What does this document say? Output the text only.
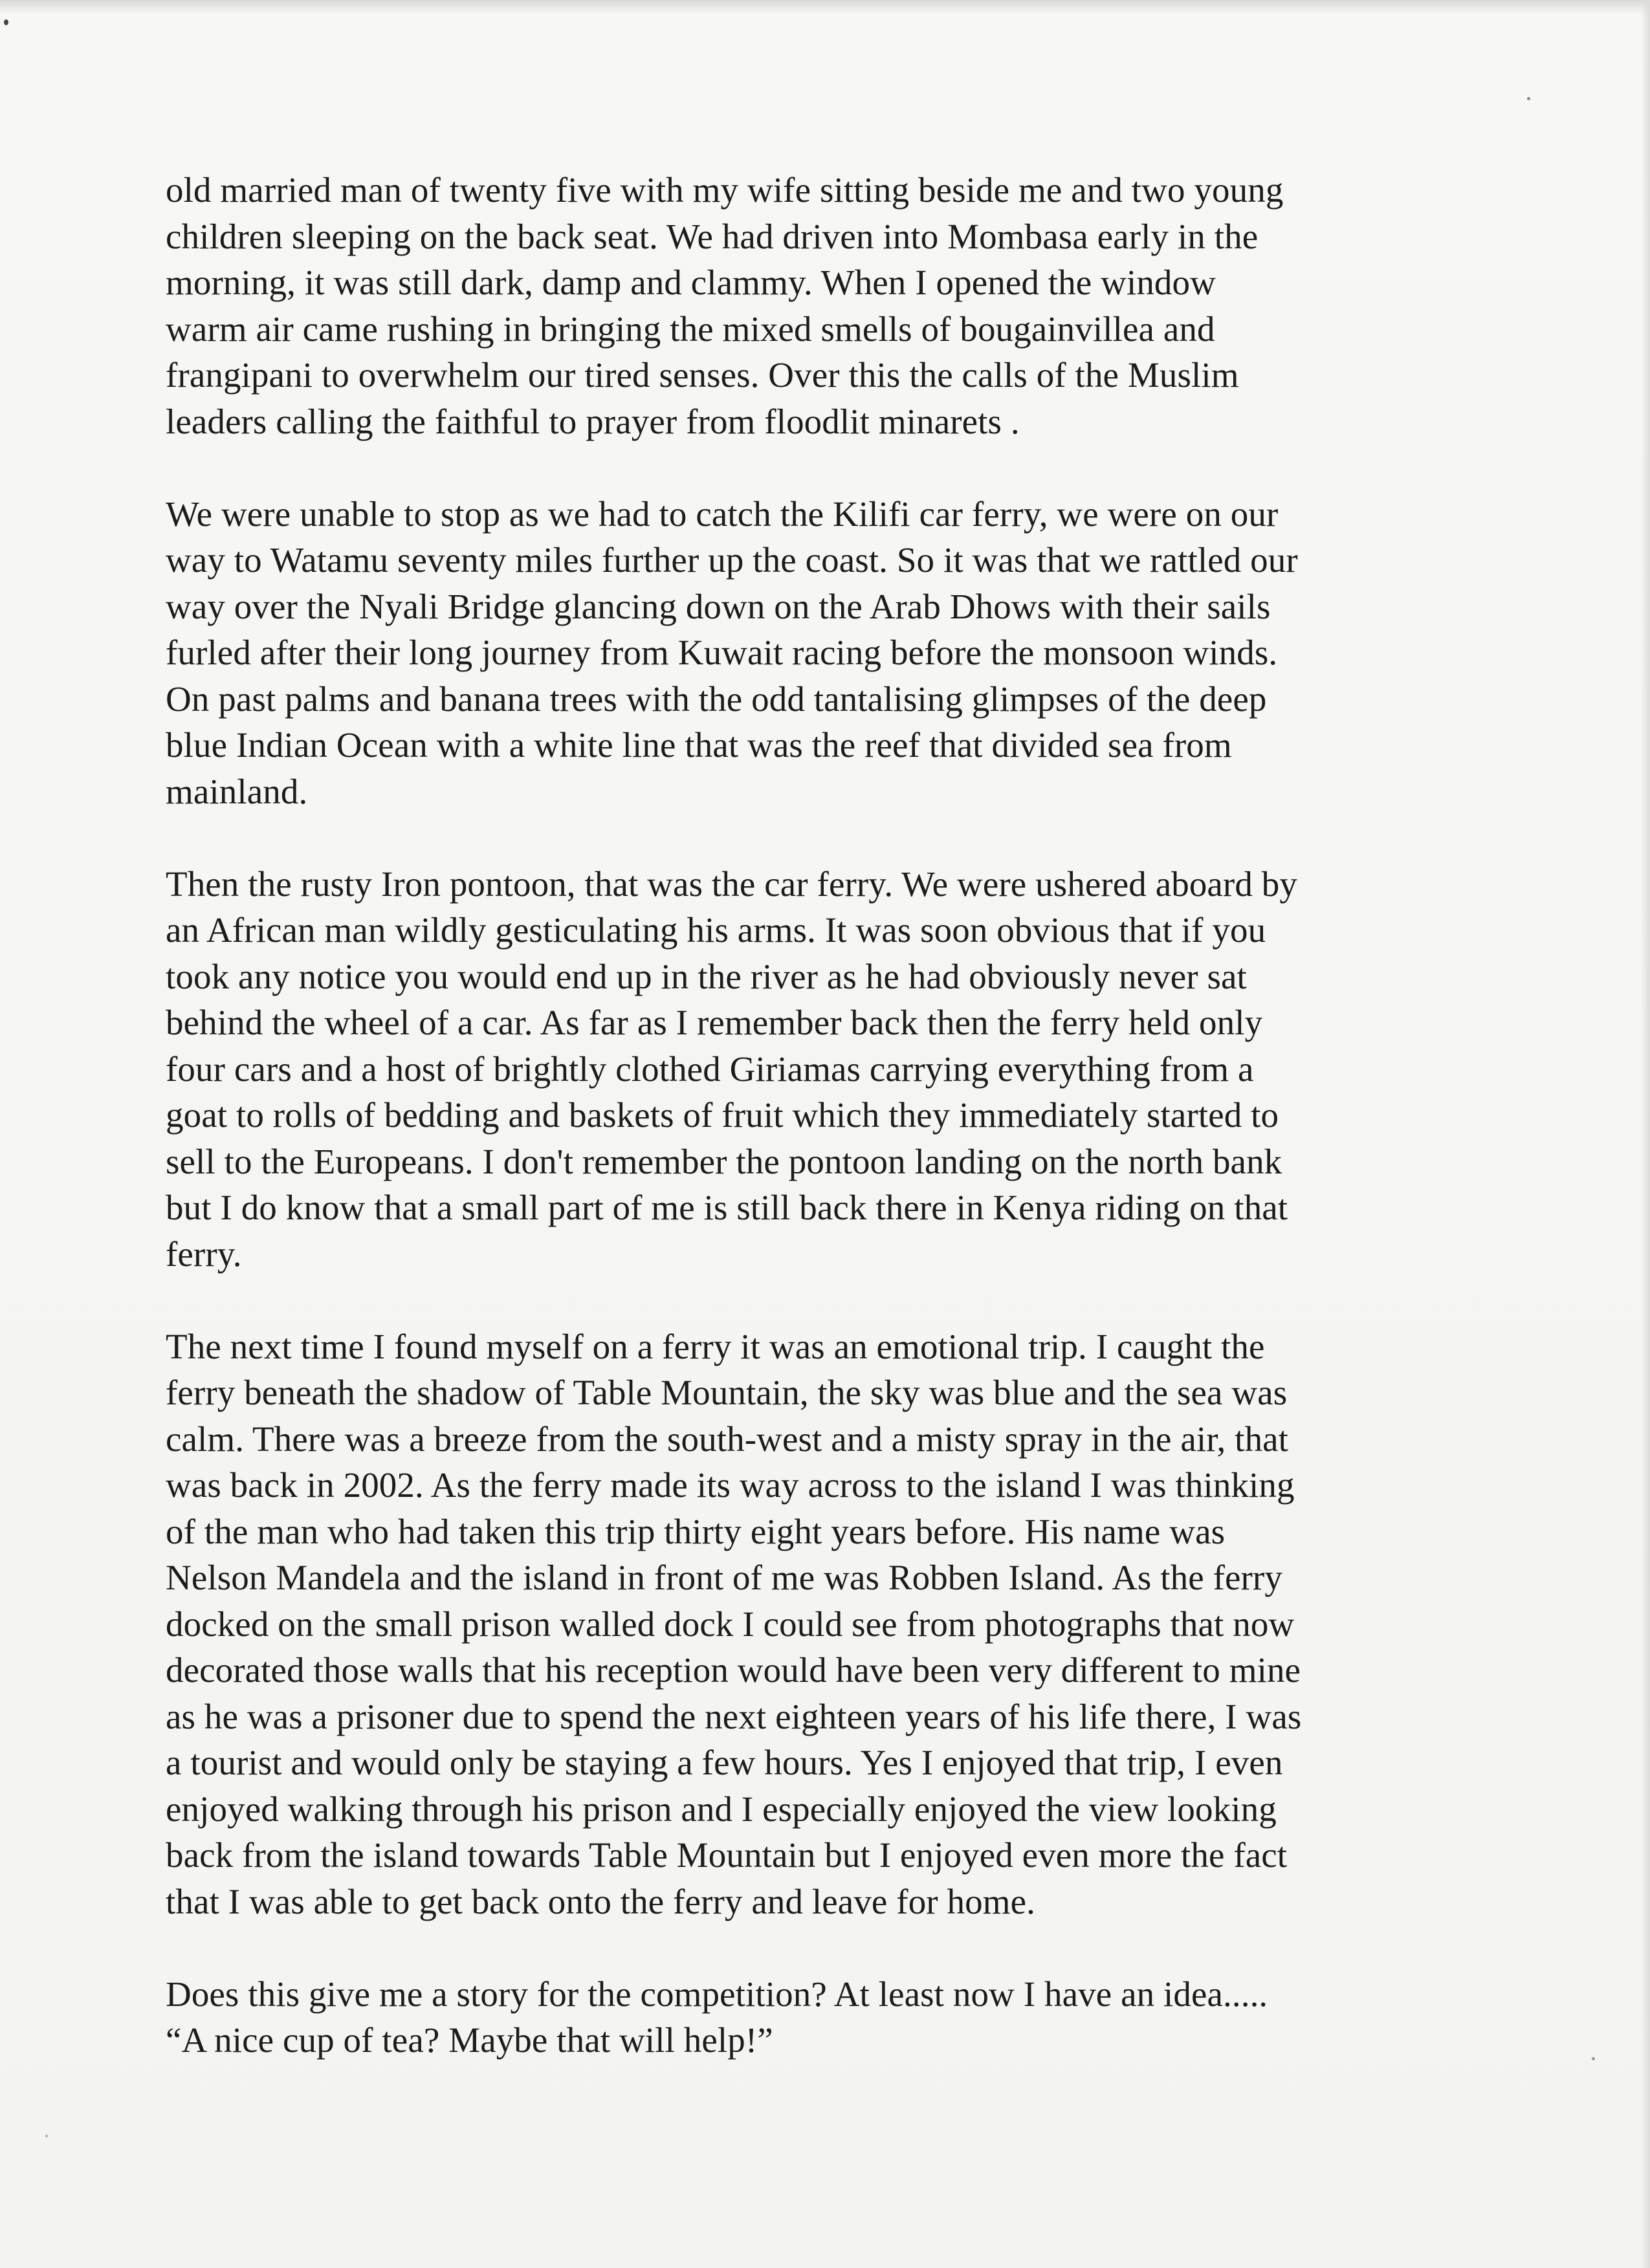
old married man of twenty five with my wife sitting beside me and two young
children sleeping on the back seat. We had driven into Mombasa early in the
morning, it was still dark, damp and clammy. When I opened the window
warm air came rushing in bringing the mixed smells of bougainvillea and
frangipani to overwhelm our tired senses. Over this the calls of the Muslim
leaders calling the faithful to prayer from floodlit minarets .

We were unable to stop as we had to catch the Kilifi car ferry, we were on our
way to Watamu seventy miles further up the coast. So it was that we rattled our
way over the Nyali Bridge glancing down on the Arab Dhows with their sails
furled after their long journey from Kuwait racing before the monsoon winds.
On past palms and banana trees with the odd tantalising glimpses of the deep
blue Indian Ocean with a white line that was the reef that divided sea from
mainland.

Then the rusty Iron pontoon, that was the car ferry. We were ushered aboard by
an African man wildly gesticulating his arms. It was soon obvious that if you
took any notice you would end up in the river as he had obviously never sat
behind the wheel of a car. As far as I remember back then the ferry held only
four cars and a host of brightly clothed Giriamas carrying everything from a
goat to rolls of bedding and baskets of fruit which they immediately started to
sell to the Europeans. I don't remember the pontoon landing on the north bank
but I do know that a small part of me is still back there in Kenya riding on that
ferry.

The next time I found myself on a ferry it was an emotional trip. I caught the
ferry beneath the shadow of Table Mountain, the sky was blue and the sea was
calm. There was a breeze from the south-west and a misty spray in the air, that
was back in 2002. As the ferry made its way across to the island I was thinking
of the man who had taken this trip thirty eight years before. His name was
Nelson Mandela and the island in front of me was Robben Island. As the ferry
docked on the small prison walled dock I could see from photographs that now
decorated those walls that his reception would have been very different to mine
as he was a prisoner due to spend the next eighteen years of his life there, I was
a tourist and would only be staying a few hours. Yes I enjoyed that trip, I even
enjoyed walking through his prison and I especially enjoyed the view looking
back from the island towards Table Mountain but I enjoyed even more the fact
that I was able to get back onto the ferry and leave for home.

Does this give me a story for the competition? At least now I have an idea.....
“A nice cup of tea? Maybe that will help!”
